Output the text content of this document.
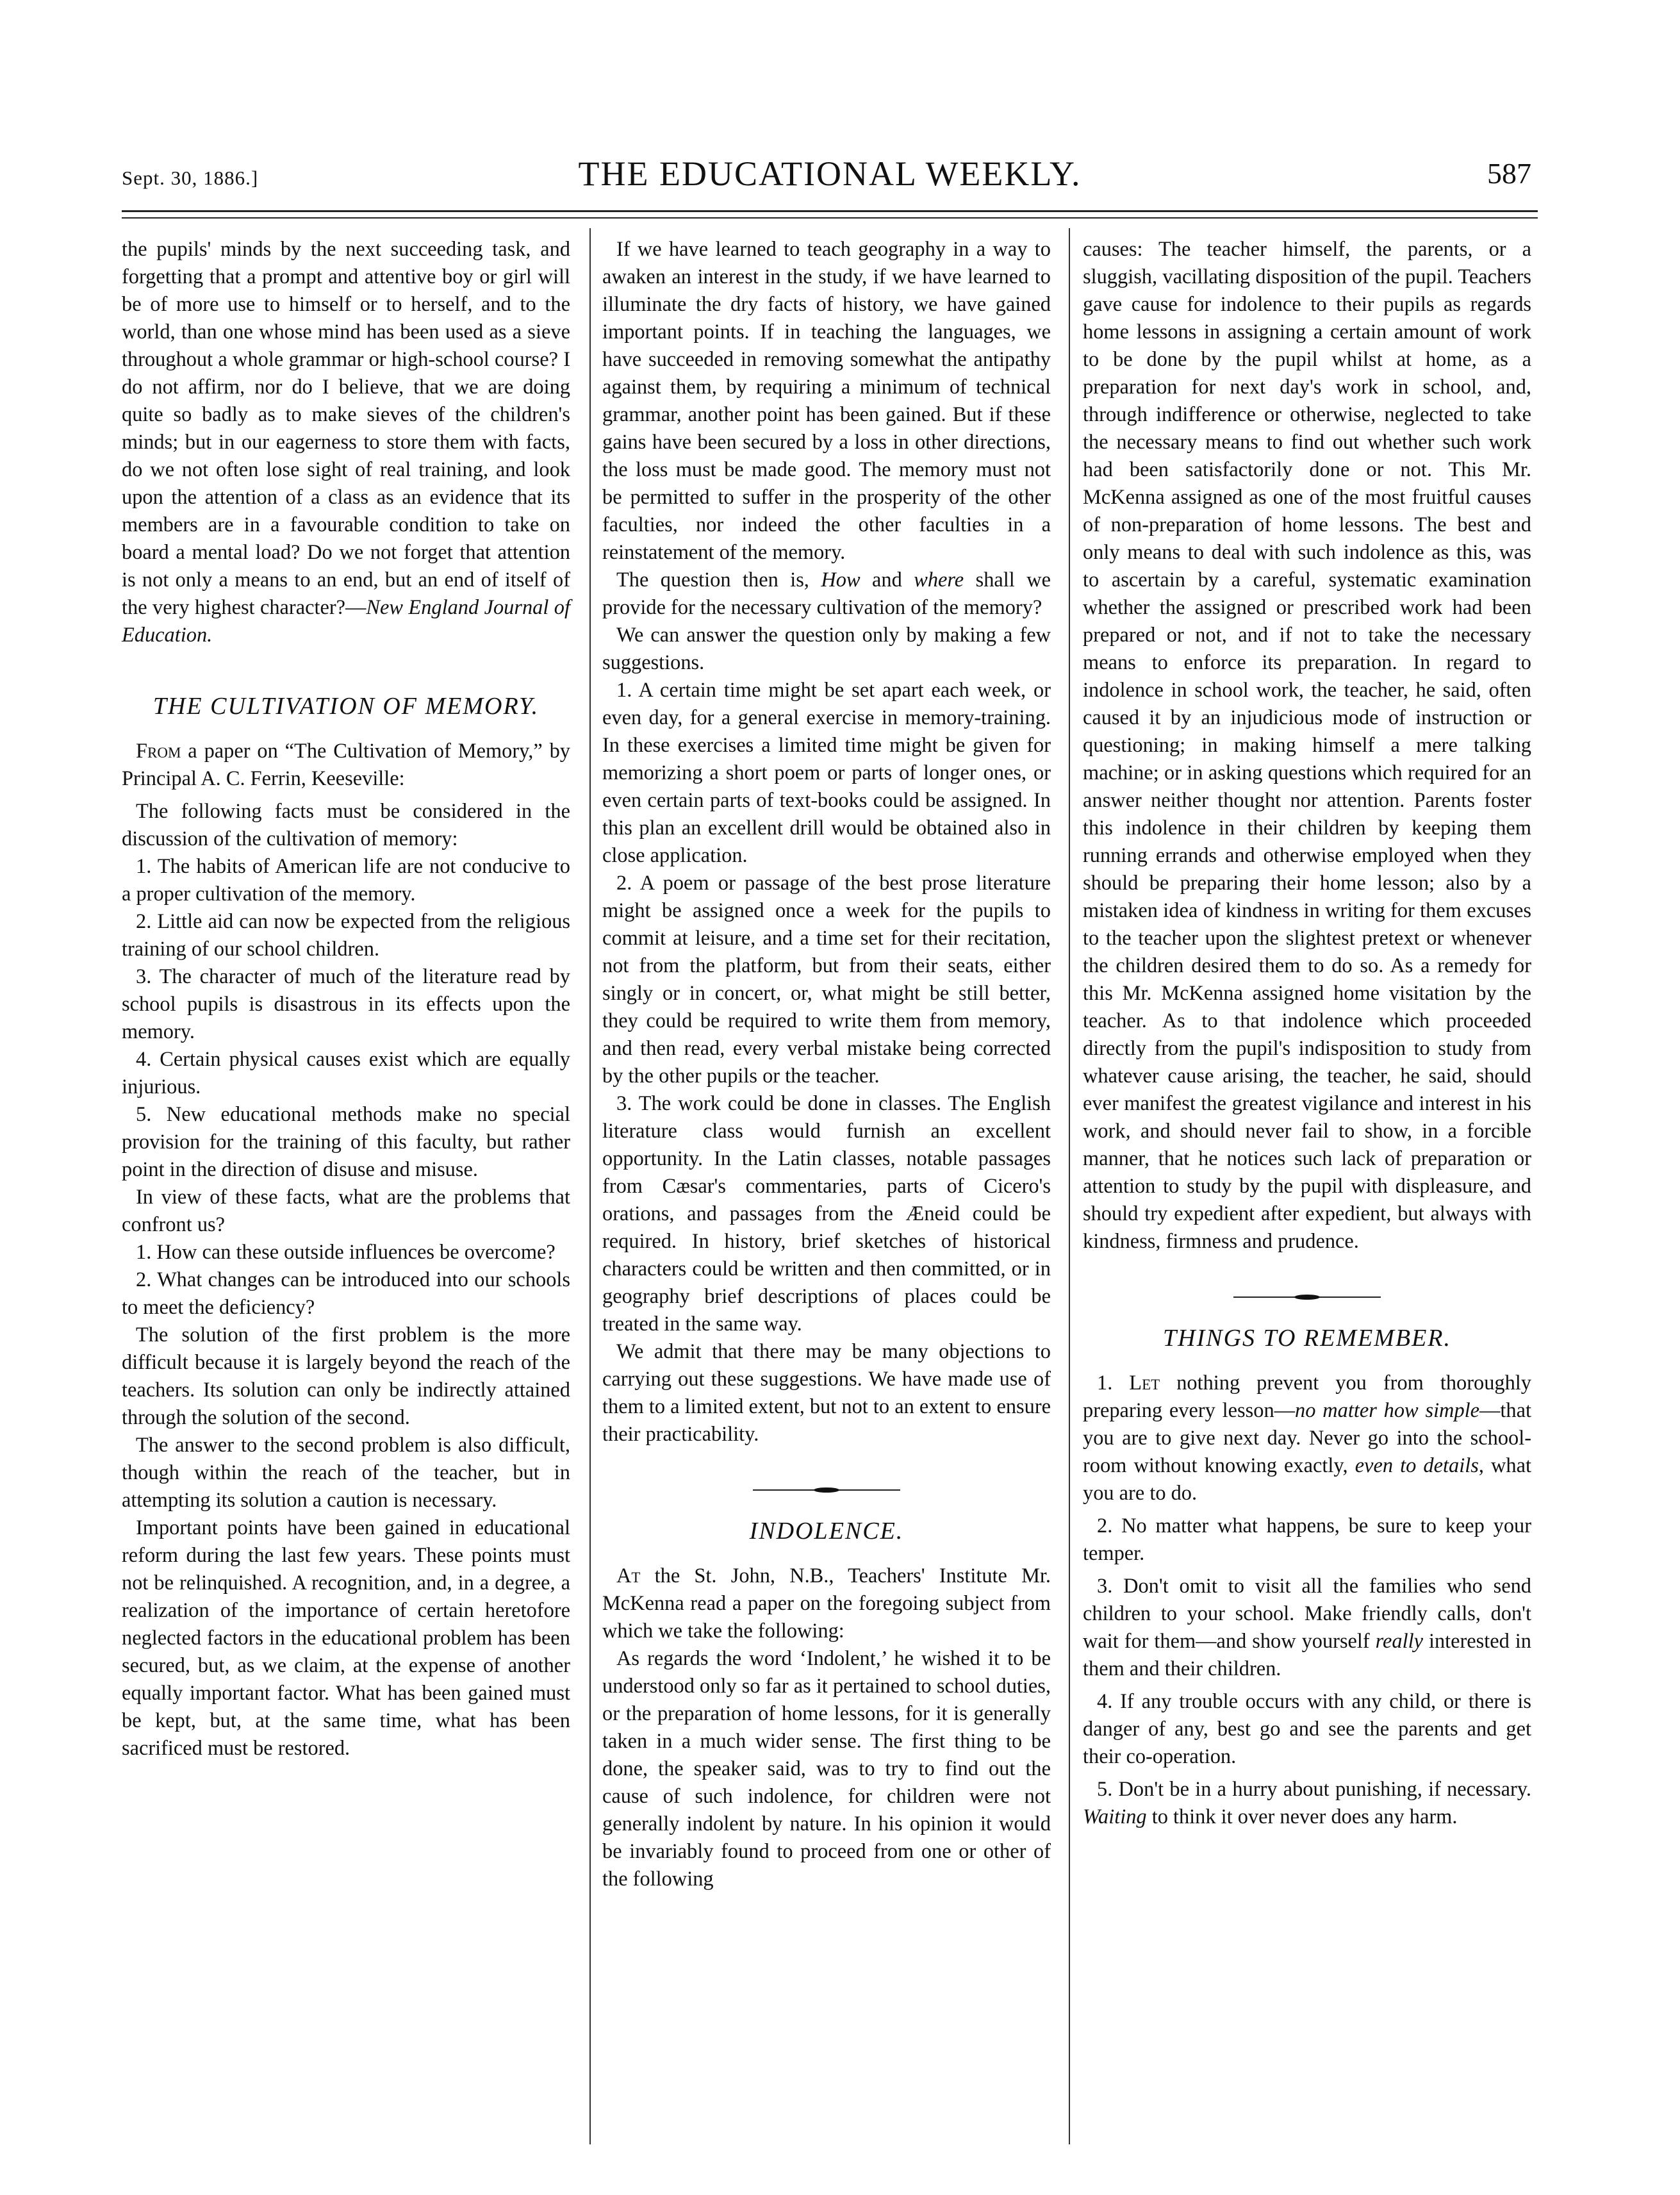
Sept. 30, 1886.]	THE EDUCATIONAL WEEKLY.	587

the pupils' minds by the next succeeding task, and forgetting that a prompt and attentive boy or girl will be of more use to himself or to herself, and to the world, than one whose mind has been used as a sieve throughout a whole grammar or high-school course? I do not affirm, nor do I believe, that we are doing quite so badly as to make sieves of the children's minds; but in our eagerness to store them with facts, do we not often lose sight of real training, and look upon the attention of a class as an evidence that its members are in a favourable condition to take on board a mental load? Do we not forget that attention is not only a means to an end, but an end of itself of the very highest character?—New England Journal of Education.

THE CULTIVATION OF MEMORY.

From a paper on “The Cultivation of Memory,” by Principal A. C. Ferrin, Keeseville:

The following facts must be considered in the discussion of the cultivation of memory:

1. The habits of American life are not conducive to a proper cultivation of the memory.

2. Little aid can now be expected from the religious training of our school children.

3. The character of much of the literature read by school pupils is disastrous in its effects upon the memory.

4. Certain physical causes exist which are equally injurious.

5. New educational methods make no special provision for the training of this faculty, but rather point in the direction of disuse and misuse.

In view of these facts, what are the problems that confront us?

1. How can these outside influences be overcome?

2. What changes can be introduced into our schools to meet the deficiency?

The solution of the first problem is the more difficult because it is largely beyond the reach of the teachers. Its solution can only be indirectly attained through the solution of the second.

The answer to the second problem is also difficult, though within the reach of the teacher, but in attempting its solution a caution is necessary.

Important points have been gained in educational reform during the last few years. These points must not be relinquished. A recognition, and, in a degree, a realization of the importance of certain heretofore neglected factors in the educational problem has been secured, but, as we claim, at the expense of another equally important factor. What has been gained must be kept, but, at the same time, what has been sacrificed must be restored.

If we have learned to teach geography in a way to awaken an interest in the study, if we have learned to illuminate the dry facts of history, we have gained important points. If in teaching the languages, we have succeeded in removing somewhat the antipathy against them, by requiring a minimum of technical grammar, another point has been gained. But if these gains have been secured by a loss in other directions, the loss must be made good. The memory must not be permitted to suffer in the prosperity of the other faculties, nor indeed the other faculties in a reinstatement of the memory.

The question then is, How and where shall we provide for the necessary cultivation of the memory?

We can answer the question only by making a few suggestions.

1. A certain time might be set apart each week, or even day, for a general exercise in memory-training. In these exercises a limited time might be given for memorizing a short poem or parts of longer ones, or even certain parts of text-books could be assigned. In this plan an excellent drill would be obtained also in close application.

2. A poem or passage of the best prose literature might be assigned once a week for the pupils to commit at leisure, and a time set for their recitation, not from the platform, but from their seats, either singly or in concert, or, what might be still better, they could be required to write them from memory, and then read, every verbal mistake being corrected by the other pupils or the teacher.

3. The work could be done in classes. The English literature class would furnish an excellent opportunity. In the Latin classes, notable passages from Cæsar's commentaries, parts of Cicero's orations, and passages from the Æneid could be required. In history, brief sketches of historical characters could be written and then committed, or in geography brief descriptions of places could be treated in the same way.

We admit that there may be many objections to carrying out these suggestions. We have made use of them to a limited extent, but not to an extent to ensure their practicability.

INDOLENCE.

At the St. John, N.B., Teachers' Institute Mr. McKenna read a paper on the foregoing subject from which we take the following:

As regards the word ‘Indolent,’ he wished it to be understood only so far as it pertained to school duties, or the preparation of home lessons, for it is generally taken in a much wider sense. The first thing to be done, the speaker said, was to try to find out the cause of such indolence, for children were not generally indolent by nature. In his opinion it would be invariably found to proceed from one or other of the following

causes: The teacher himself, the parents, or a sluggish, vacillating disposition of the pupil. Teachers gave cause for indolence to their pupils as regards home lessons in assigning a certain amount of work to be done by the pupil whilst at home, as a preparation for next day's work in school, and, through indifference or otherwise, neglected to take the necessary means to find out whether such work had been satisfactorily done or not. This Mr. McKenna assigned as one of the most fruitful causes of non-preparation of home lessons. The best and only means to deal with such indolence as this, was to ascertain by a careful, systematic examination whether the assigned or prescribed work had been prepared or not, and if not to take the necessary means to enforce its preparation. In regard to indolence in school work, the teacher, he said, often caused it by an injudicious mode of instruction or questioning; in making himself a mere talking machine; or in asking questions which required for an answer neither thought nor attention. Parents foster this indolence in their children by keeping them running errands and otherwise employed when they should be preparing their home lesson; also by a mistaken idea of kindness in writing for them excuses to the teacher upon the slightest pretext or whenever the children desired them to do so. As a remedy for this Mr. McKenna assigned home visitation by the teacher. As to that indolence which proceeded directly from the pupil's indisposition to study from whatever cause arising, the teacher, he said, should ever manifest the greatest vigilance and interest in his work, and should never fail to show, in a forcible manner, that he notices such lack of preparation or attention to study by the pupil with displeasure, and should try expedient after expedient, but always with kindness, firmness and prudence.

THINGS TO REMEMBER.

1. Let nothing prevent you from thoroughly preparing every lesson—no matter how simple—that you are to give next day. Never go into the school-room without knowing exactly, even to details, what you are to do.

2. No matter what happens, be sure to keep your temper.

3. Don't omit to visit all the families who send children to your school. Make friendly calls, don't wait for them—and show yourself really interested in them and their children.

4. If any trouble occurs with any child, or there is danger of any, best go and see the parents and get their co-operation.

5. Don't be in a hurry about punishing, if necessary. Waiting to think it over never does any harm.
